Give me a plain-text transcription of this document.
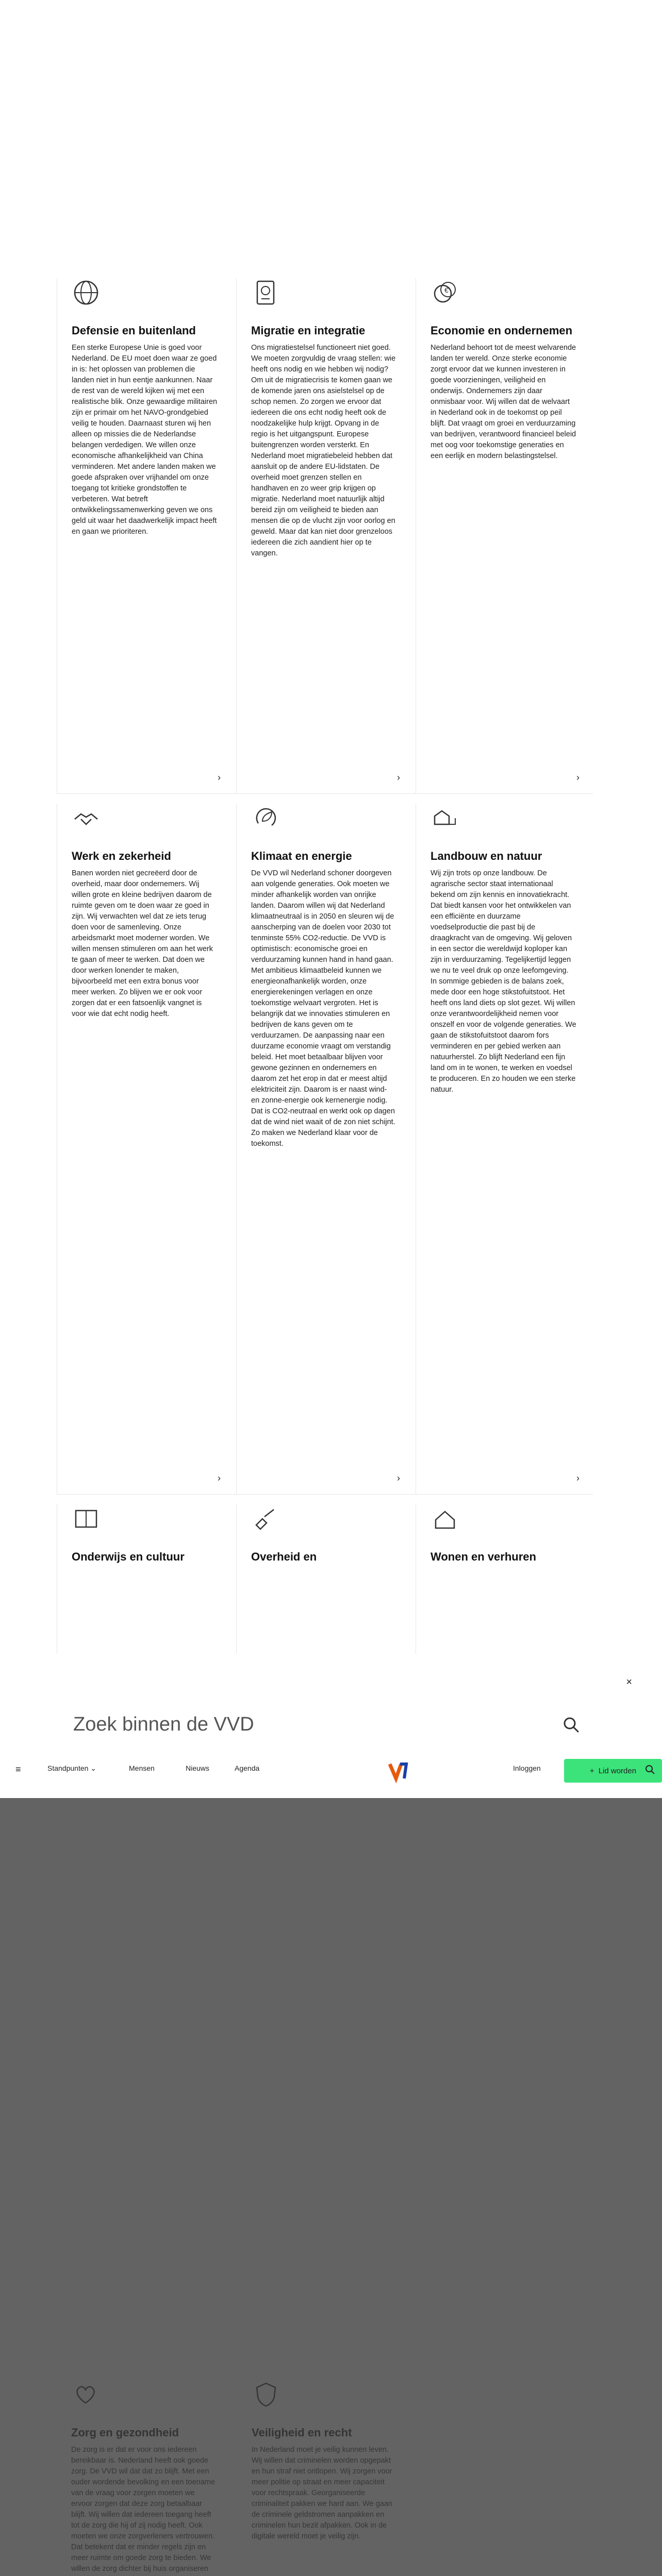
Defensie en buitenland

Een sterke Europese Unie is goed voor Nederland. De EU moet doen waar ze goed in is: het oplossen van problemen die landen niet in hun eentje aankunnen. Naar de rest van de wereld kijken wij met een realistische blik. Onze gewaardige militairen zijn er primair om het NAVO-grondgebied veilig te houden. Daarnaast sturen wij hen alleen op missies die de Nederlandse belangen verdedigen. We willen onze economische afhankelijkheid van China verminderen. Met andere landen maken we goede afspraken over vrijhandel om onze toegang tot kritieke grondstoffen te verbeteren. Wat betreft ontwikkelingssamenwerking geven we ons geld uit waar het daadwerkelijk impact heeft en gaan we prioriteren.

›
Migratie en integratie

Ons migratiestelsel functioneert niet goed. We moeten zorgvuldig de vraag stellen: wie heeft ons nodig en wie hebben wij nodig? Om uit de migratiecrisis te komen gaan we de komende jaren ons asielstelsel op de schop nemen. Zo zorgen we ervoor dat iedereen die ons echt nodig heeft ook de noodzakelijke hulp krijgt. Opvang in de regio is het uitgangspunt. Europese buitengrenzen worden versterkt. En Nederland moet migratiebeleid hebben dat aansluit op de andere EU-lidstaten. De overheid moet grenzen stellen en handhaven en zo weer grip krijgen op migratie. Nederland moet natuurlijk altijd bereid zijn om veiligheid te bieden aan mensen die op de vlucht zijn voor oorlog en geweld. Maar dat kan niet door grenzeloos iedereen die zich aandient hier op te vangen.

›
€
Economie en ondernemen

Nederland behoort tot de meest welvarende landen ter wereld. Onze sterke economie zorgt ervoor dat we kunnen investeren in goede voorzieningen, veiligheid en onderwijs. Ondernemers zijn daar onmisbaar voor. Wij willen dat de welvaart in Nederland ook in de toekomst op peil blijft. Dat vraagt om groei en verduurzaming van bedrijven, verantwoord financieel beleid met oog voor toekomstige generaties en een eerlijk en modern belastingstelsel.

›
Werk en zekerheid

Banen worden niet gecreëerd door de overheid, maar door ondernemers. Wij willen grote en kleine bedrijven daarom de ruimte geven om te doen waar ze goed in zijn. Wij verwachten wel dat ze iets terug doen voor de samenleving. Onze arbeidsmarkt moet moderner worden. We willen mensen stimuleren om aan het werk te gaan of meer te werken. Dat doen we door werken lonender te maken, bijvoorbeeld met een extra bonus voor meer werken. Zo blijven we er ook voor zorgen dat er een fatsoenlijk vangnet is voor wie dat echt nodig heeft.

›
Klimaat en energie

De VVD wil Nederland schoner doorgeven aan volgende generaties. Ook moeten we minder afhankelijk worden van onrijke landen. Daarom willen wij dat Nederland klimaatneutraal is in 2050 en sleuren wij de aanscherping van de doelen voor 2030 tot tenminste 55% CO2-reductie. De VVD is optimistisch: economische groei en verduurzaming kunnen hand in hand gaan. Met ambitieus klimaatbeleid kunnen we energieonafhankelijk worden, onze energierekeningen verlagen en onze toekomstige welvaart vergroten. Het is belangrijk dat we innovaties stimuleren en bedrijven de kans geven om te verduurzamen. De aanpassing naar een duurzame economie vraagt om verstandig beleid. Het moet betaalbaar blijven voor gewone gezinnen en ondernemers en daarom zet het erop in dat er meest altijd elektriciteit zijn. Daarom is er naast wind- en zonne-energie ook kernenergie nodig. Dat is CO2-neutraal en werkt ook op dagen dat de wind niet waait of de zon niet schijnt. Zo maken we Nederland klaar voor de toekomst.

›
Landbouw en natuur

Wij zijn trots op onze landbouw. De agrarische sector staat internationaal bekend om zijn kennis en innovatiekracht. Dat biedt kansen voor het ontwikkelen van een efficiënte en duurzame voedselproductie die past bij de draagkracht van de omgeving. Wij geloven in een sector die wereldwijd koploper kan zijn in verduurzaming. Tegelijkertijd leggen we nu te veel druk op onze leefomgeving. In sommige gebieden is de balans zoek, mede door een hoge stikstofuitstoot. Het heeft ons land diets op slot gezet. Wij willen onze verantwoordelijkheid nemen voor onszelf en voor de volgende generaties. We gaan de stikstofuitstoot daarom fors verminderen en per gebied werken aan natuurherstel. Zo blijft Nederland een fijn land om in te wonen, te werken en voedsel te produceren. En zo houden we een sterke natuur.

›
Onderwijs en cultuur	Overheid en	Wonen en verhuren

×
Zoek binnen de VVD
≡	Standpunten ⌄	Mensen	Nieuws	Agenda	Inloggen	+ Lid worden
